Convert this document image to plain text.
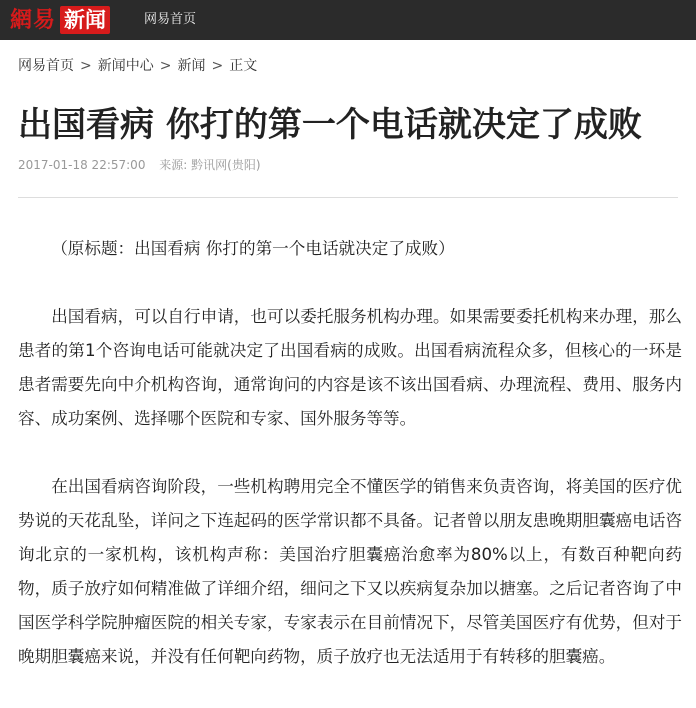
網易 新闻	网易首页
网易首页 > 新闻中心 > 新闻 > 正文
出国看病 你打的第一个电话就决定了成败
2017-01-18 22:57:00 来源: 黔讯网(贵阳)

（原标题：出国看病 你打的第一个电话就决定了成败）

出国看病，可以自行申请，也可以委托服务机构办理。如果需要委托机构来办理，那么患者的第1个咨询电话可能就决定了出国看病的成败。出国看病流程众多，但核心的一环是患者需要先向中介机构咨询，通常询问的内容是该不该出国看病、办理流程、费用、服务内容、成功案例、选择哪个医院和专家、国外服务等等。

在出国看病咨询阶段，一些机构聘用完全不懂医学的销售来负责咨询，将美国的医疗优势说的天花乱坠，详问之下连起码的医学常识都不具备。记者曾以朋友患晚期胆囊癌电话咨询北京的一家机构，该机构声称：美国治疗胆囊癌治愈率为80%以上，有数百种靶向药物，质子放疗如何精准做了详细介绍，细问之下又以疾病复杂加以搪塞。之后记者咨询了中国医学科学院肿瘤医院的相关专家，专家表示在目前情况下，尽管美国医疗有优势，但对于晚期胆囊癌来说，并没有任何靶向药物，质子放疗也无法适用于有转移的胆囊癌。
